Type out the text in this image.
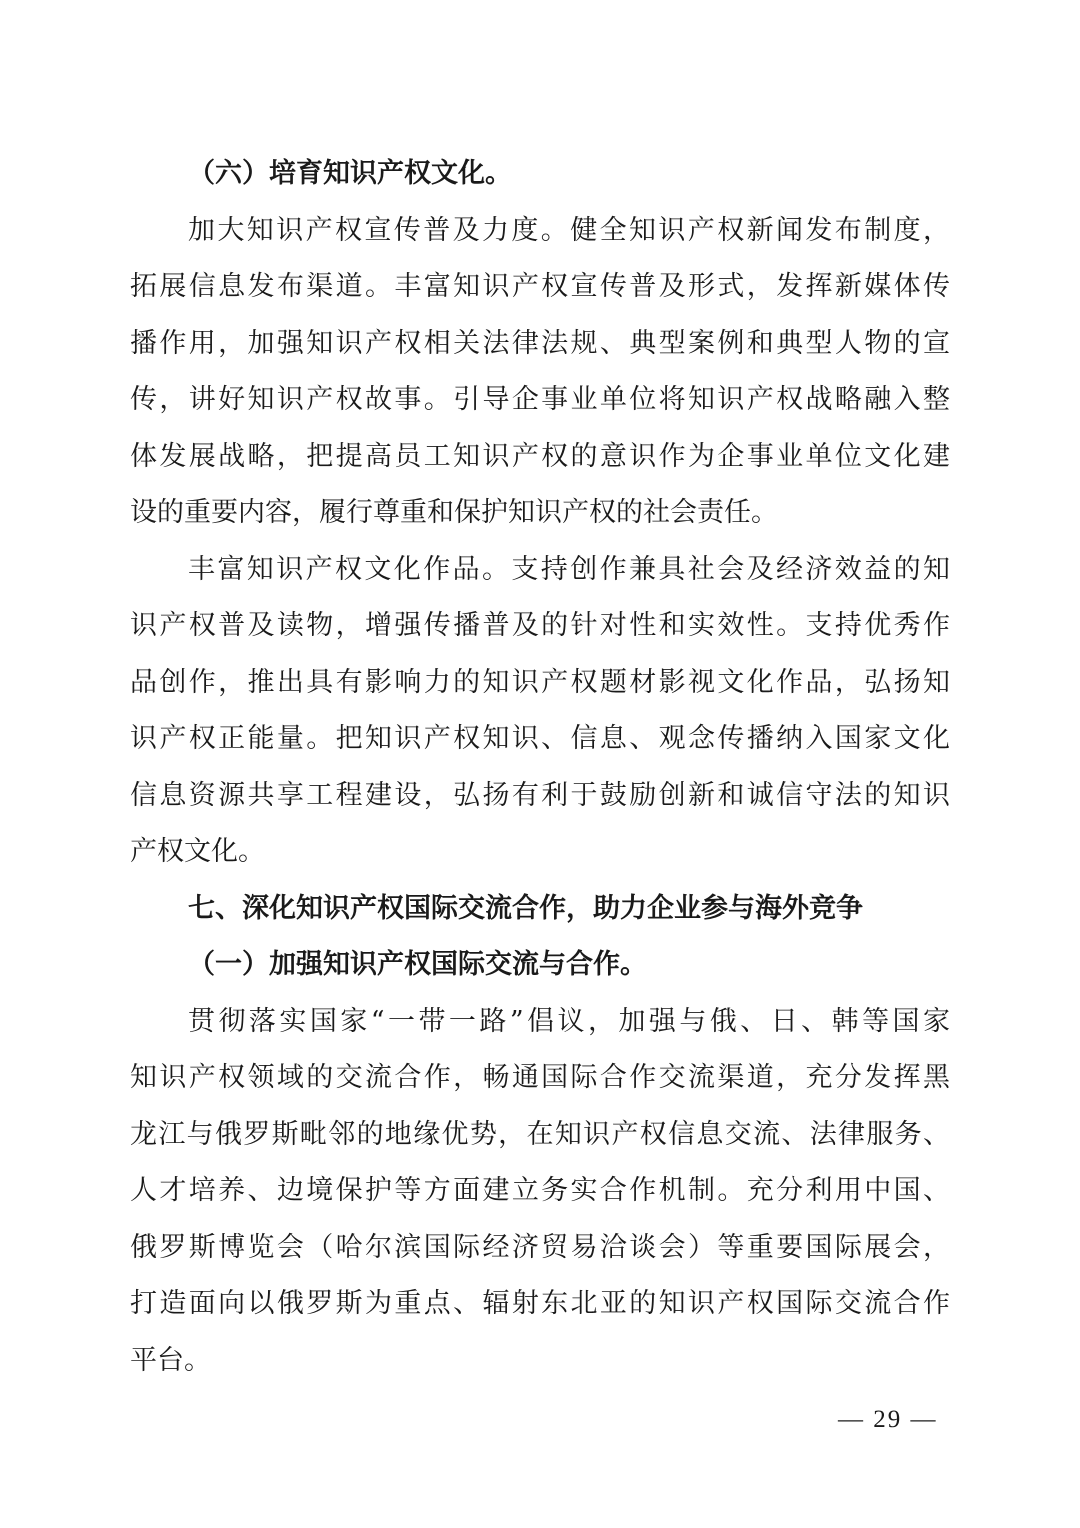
（六）培育知识产权文化。
加大知识产权宣传普及力度。健全知识产权新闻发布制度，
拓展信息发布渠道。丰富知识产权宣传普及形式，发挥新媒体传
播作用，加强知识产权相关法律法规、典型案例和典型人物的宣
传，讲好知识产权故事。引导企事业单位将知识产权战略融入整
体发展战略，把提高员工知识产权的意识作为企事业单位文化建
设的重要内容，履行尊重和保护知识产权的社会责任。
丰富知识产权文化作品。支持创作兼具社会及经济效益的知
识产权普及读物，增强传播普及的针对性和实效性。支持优秀作
品创作，推出具有影响力的知识产权题材影视文化作品，弘扬知
识产权正能量。把知识产权知识、信息、观念传播纳入国家文化
信息资源共享工程建设，弘扬有利于鼓励创新和诚信守法的知识
产权文化。
七、深化知识产权国际交流合作，助力企业参与海外竞争
（一）加强知识产权国际交流与合作。
贯彻落实国家“一带一路”倡议，加强与俄、日、韩等国家
知识产权领域的交流合作，畅通国际合作交流渠道，充分发挥黑
龙江与俄罗斯毗邻的地缘优势，在知识产权信息交流、法律服务、
人才培养、边境保护等方面建立务实合作机制。充分利用中国、
俄罗斯博览会（哈尔滨国际经济贸易洽谈会）等重要国际展会，
打造面向以俄罗斯为重点、辐射东北亚的知识产权国际交流合作
平台。
— 29 —
